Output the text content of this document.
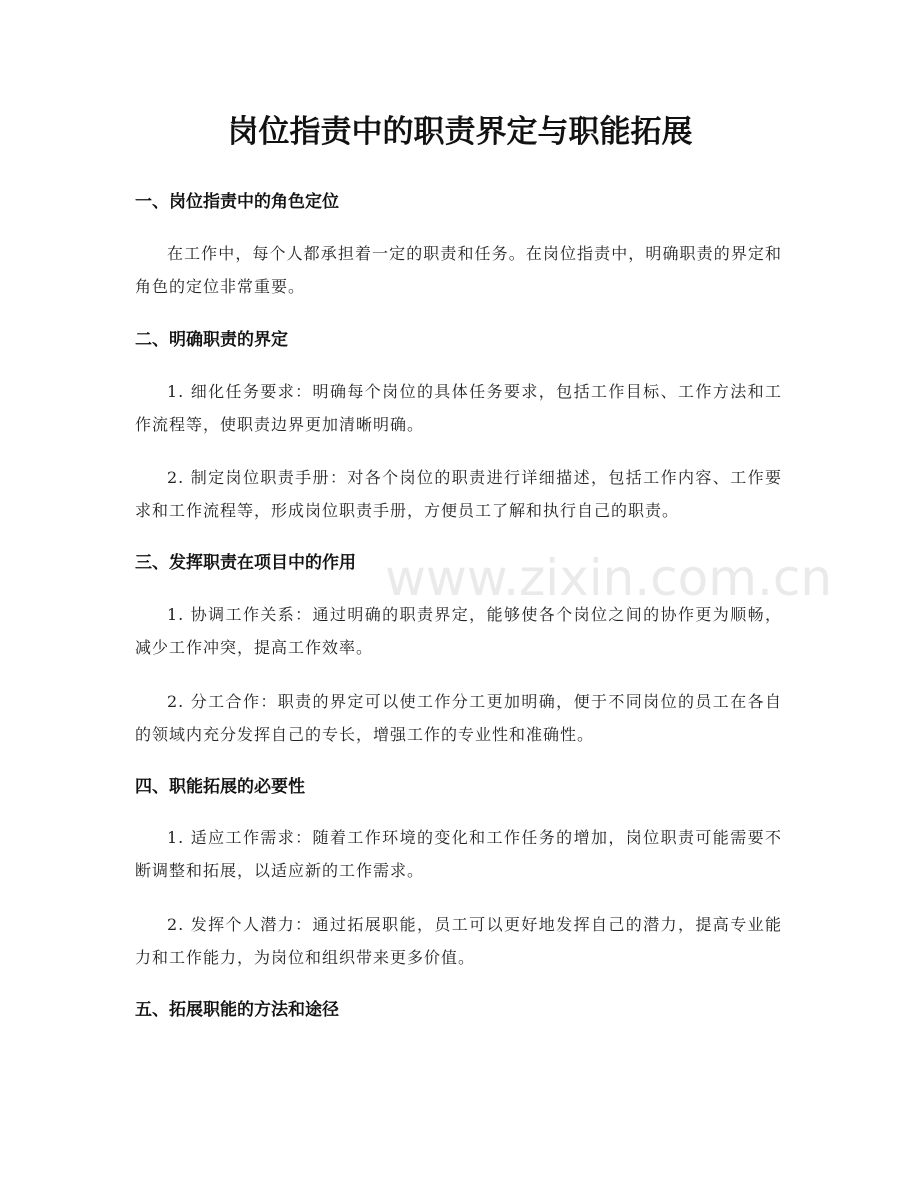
岗位指责中的职责界定与职能拓展
www.zixin.com.cn
一、岗位指责中的角色定位

在工作中，每个人都承担着一定的职责和任务。在岗位指责中，明确职责的界定和角色的定位非常重要。

二、明确职责的界定

1. 细化任务要求：明确每个岗位的具体任务要求，包括工作目标、工作方法和工作流程等，使职责边界更加清晰明确。

2. 制定岗位职责手册：对各个岗位的职责进行详细描述，包括工作内容、工作要求和工作流程等，形成岗位职责手册，方便员工了解和执行自己的职责。

三、发挥职责在项目中的作用

1. 协调工作关系：通过明确的职责界定，能够使各个岗位之间的协作更为顺畅，减少工作冲突，提高工作效率。

2. 分工合作：职责的界定可以使工作分工更加明确，便于不同岗位的员工在各自的领域内充分发挥自己的专长，增强工作的专业性和准确性。

四、职能拓展的必要性

1. 适应工作需求：随着工作环境的变化和工作任务的增加，岗位职责可能需要不断调整和拓展，以适应新的工作需求。

2. 发挥个人潜力：通过拓展职能，员工可以更好地发挥自己的潜力，提高专业能力和工作能力，为岗位和组织带来更多价值。

五、拓展职能的方法和途径
